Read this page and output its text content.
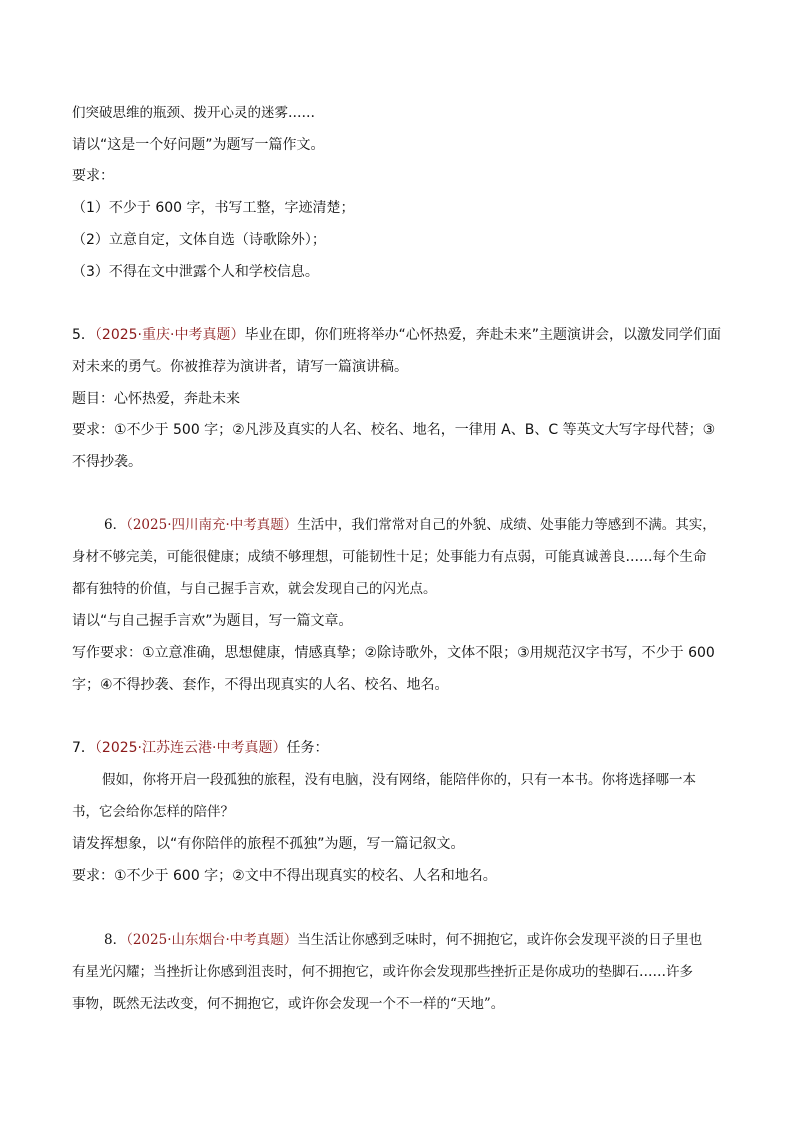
们突破思维的瓶颈、拨开心灵的迷雾……
请以“这是一个好问题”为题写一篇作文。
要求：
（1）不少于 600 字，书写工整，字迹清楚；
（2）立意自定，文体自选（诗歌除外）；
（3）不得在文中泄露个人和学校信息。
5．（2025·重庆·中考真题）毕业在即，你们班将举办“心怀热爱，奔赴未来”主题演讲会，以激发同学们面
对未来的勇气。你被推荐为演讲者，请写一篇演讲稿。
题目：心怀热爱，奔赴未来
要求：①不少于 500 字；②凡涉及真实的人名、校名、地名，一律用 A、B、C 等英文大写字母代替；③
不得抄袭。
6．（2025·四川南充·中考真题）生活中，我们常常对自己的外貌、成绩、处事能力等感到不满。其实，
身材不够完美，可能很健康；成绩不够理想，可能韧性十足；处事能力有点弱，可能真诚善良……每个生命
都有独特的价值，与自己握手言欢，就会发现自己的闪光点。
请以“与自己握手言欢”为题目，写一篇文章。
写作要求：①立意准确，思想健康，情感真挚；②除诗歌外，文体不限；③用规范汉字书写，不少于 600
字；④不得抄袭、套作，不得出现真实的人名、校名、地名。
7．（2025·江苏连云港·中考真题）任务：
假如，你将开启一段孤独的旅程，没有电脑，没有网络，能陪伴你的，只有一本书。你将选择哪一本
书，它会给你怎样的陪伴？
请发挥想象，以“有你陪伴的旅程不孤独”为题，写一篇记叙文。
要求：①不少于 600 字；②文中不得出现真实的校名、人名和地名。
8．（2025·山东烟台·中考真题）当生活让你感到乏味时，何不拥抱它，或许你会发现平淡的日子里也
有星光闪耀；当挫折让你感到沮丧时，何不拥抱它，或许你会发现那些挫折正是你成功的垫脚石……许多
事物，既然无法改变，何不拥抱它，或许你会发现一个不一样的“天地”。
